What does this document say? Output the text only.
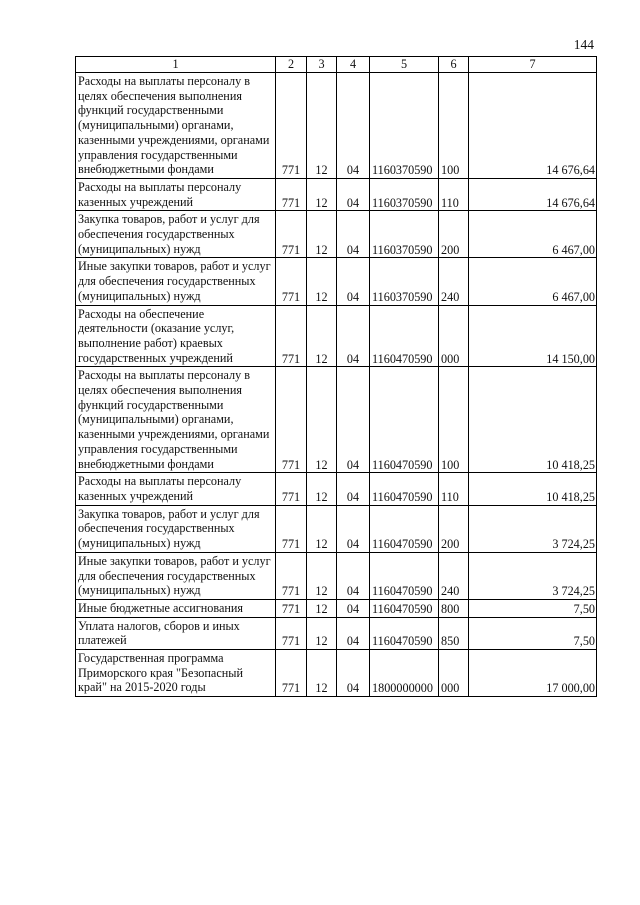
144
1	2	3	4	5	6	7
Расходы на выплаты персоналу в целях обеспечения выполнения функций государственными (муниципальными) органами, казенными учреждениями, органами управления государственными внебюджетными фондами	771	12	04	1160370590	100	14 676,64
Расходы на выплаты персоналу казенных учреждений	771	12	04	1160370590	110	14 676,64
Закупка товаров, работ и услуг для обеспечения государственных (муниципальных) нужд	771	12	04	1160370590	200	6 467,00
Иные закупки товаров, работ и услуг для обеспечения государственных (муниципальных) нужд	771	12	04	1160370590	240	6 467,00
Расходы на обеспечение деятельности (оказание услуг, выполнение работ) краевых государственных учреждений	771	12	04	1160470590	000	14 150,00
Расходы на выплаты персоналу в целях обеспечения выполнения функций государственными (муниципальными) органами, казенными учреждениями, органами управления государственными внебюджетными фондами	771	12	04	1160470590	100	10 418,25
Расходы на выплаты персоналу казенных учреждений	771	12	04	1160470590	110	10 418,25
Закупка товаров, работ и услуг для обеспечения государственных (муниципальных) нужд	771	12	04	1160470590	200	3 724,25
Иные закупки товаров, работ и услуг для обеспечения государственных (муниципальных) нужд	771	12	04	1160470590	240	3 724,25
Иные бюджетные ассигнования	771	12	04	1160470590	800	7,50
Уплата налогов, сборов и иных платежей	771	12	04	1160470590	850	7,50
Государственная программа Приморского края "Безопасный край" на 2015-2020 годы	771	12	04	1800000000	000	17 000,00
